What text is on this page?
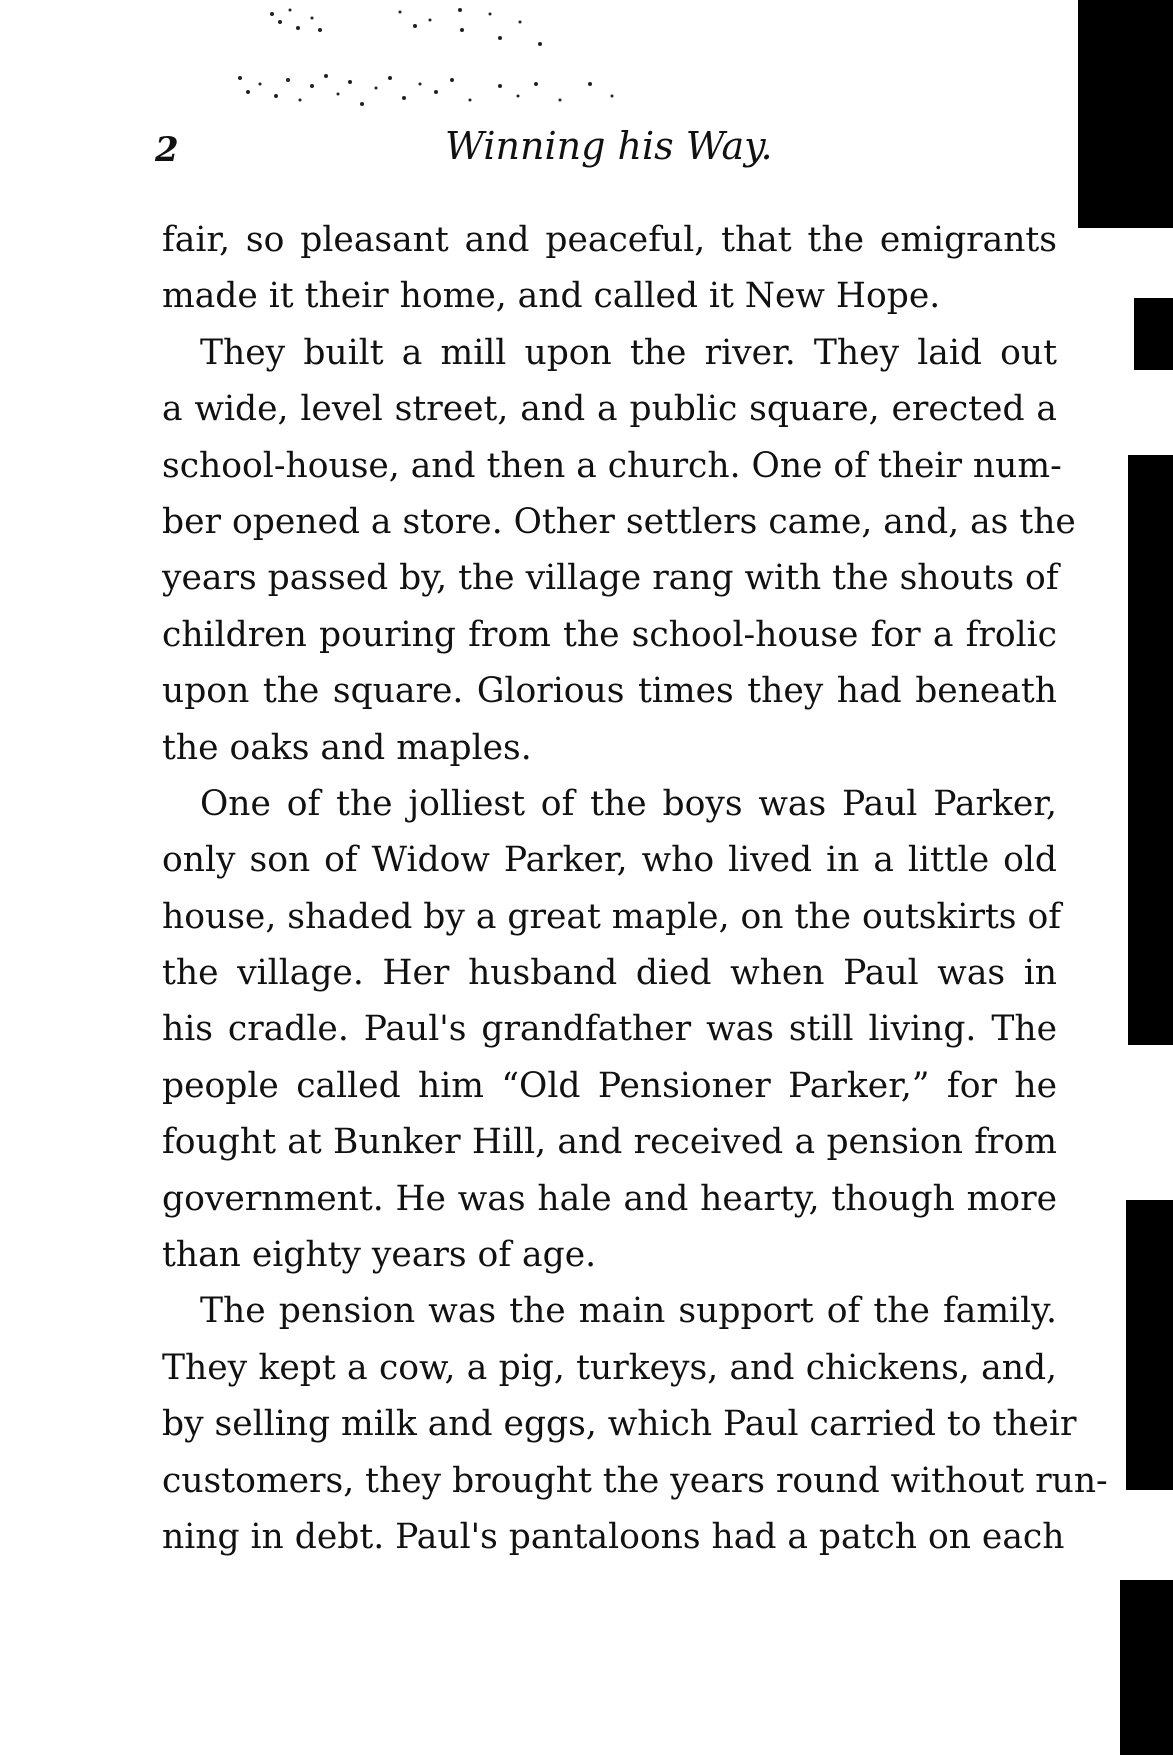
2	Winning his Way.
fair, so pleasant and peaceful, that the emigrants
made it their home, and called it New Hope.
They built a mill upon the river. They laid out
a wide, level street, and a public square, erected a
school-house, and then a church. One of their num-
ber opened a store. Other settlers came, and, as the
years passed by, the village rang with the shouts of
children pouring from the school-house for a frolic
upon the square. Glorious times they had beneath
the oaks and maples.
One of the jolliest of the boys was Paul Parker,
only son of Widow Parker, who lived in a little old
house, shaded by a great maple, on the outskirts of
the village. Her husband died when Paul was in
his cradle. Paul's grandfather was still living. The
people called him “Old Pensioner Parker,” for he
fought at Bunker Hill, and received a pension from
government. He was hale and hearty, though more
than eighty years of age.
The pension was the main support of the family.
They kept a cow, a pig, turkeys, and chickens, and,
by selling milk and eggs, which Paul carried to their
customers, they brought the years round without run-
ning in debt. Paul's pantaloons had a patch on each
